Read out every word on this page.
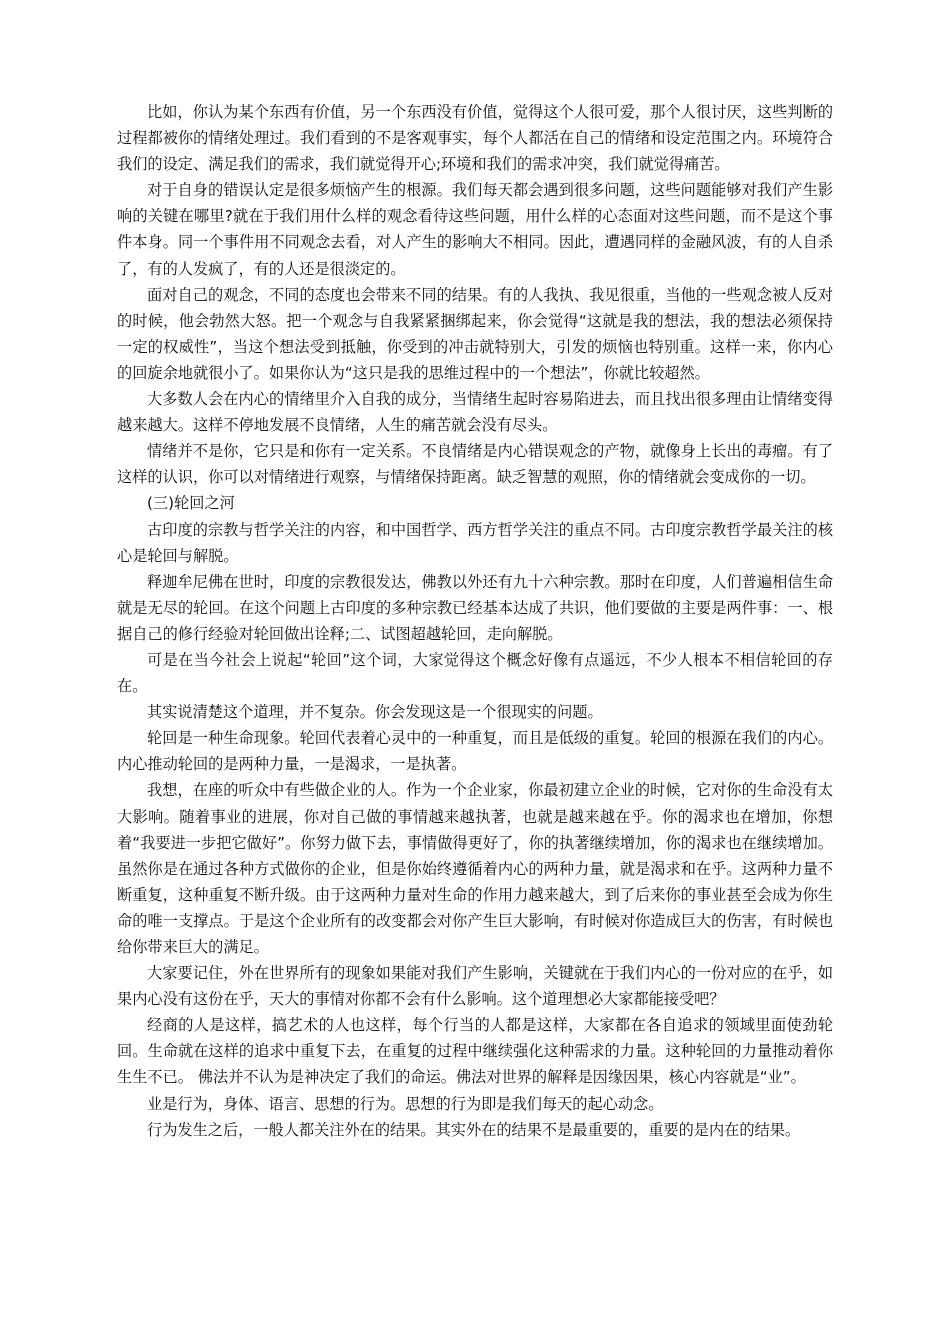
比如，你认为某个东西有价值，另一个东西没有价值，觉得这个人很可爱，那个人很讨厌，这些判断的过程都被你的情绪处理过。我们看到的不是客观事实，每个人都活在自己的情绪和设定范围之内。环境符合我们的设定、满足我们的需求，我们就觉得开心;环境和我们的需求冲突，我们就觉得痛苦。

对于自身的错误认定是很多烦恼产生的根源。我们每天都会遇到很多问题，这些问题能够对我们产生影响的关键在哪里?就在于我们用什么样的观念看待这些问题，用什么样的心态面对这些问题，而不是这个事件本身。同一个事件用不同观念去看，对人产生的影响大不相同。因此，遭遇同样的金融风波，有的人自杀了，有的人发疯了，有的人还是很淡定的。

面对自己的观念，不同的态度也会带来不同的结果。有的人我执、我见很重，当他的一些观念被人反对的时候，他会勃然大怒。把一个观念与自我紧紧捆绑起来，你会觉得“这就是我的想法，我的想法必须保持一定的权威性”，当这个想法受到抵触，你受到的冲击就特别大，引发的烦恼也特别重。这样一来，你内心的回旋余地就很小了。如果你认为“这只是我的思维过程中的一个想法”，你就比较超然。

大多数人会在内心的情绪里介入自我的成分，当情绪生起时容易陷进去，而且找出很多理由让情绪变得越来越大。这样不停地发展不良情绪，人生的痛苦就会没有尽头。

情绪并不是你，它只是和你有一定关系。不良情绪是内心错误观念的产物，就像身上长出的毒瘤。有了这样的认识，你可以对情绪进行观察，与情绪保持距离。缺乏智慧的观照，你的情绪就会变成你的一切。

(三)轮回之河

古印度的宗教与哲学关注的内容，和中国哲学、西方哲学关注的重点不同。古印度宗教哲学最关注的核心是轮回与解脱。

释迦牟尼佛在世时，印度的宗教很发达，佛教以外还有九十六种宗教。那时在印度，人们普遍相信生命就是无尽的轮回。在这个问题上古印度的多种宗教已经基本达成了共识，他们要做的主要是两件事：一、根据自己的修行经验对轮回做出诠释;二、试图超越轮回，走向解脱。

可是在当今社会上说起“轮回”这个词，大家觉得这个概念好像有点遥远，不少人根本不相信轮回的存在。

其实说清楚这个道理，并不复杂。你会发现这是一个很现实的问题。

轮回是一种生命现象。轮回代表着心灵中的一种重复，而且是低级的重复。轮回的根源在我们的内心。内心推动轮回的是两种力量，一是渴求，一是执著。

我想，在座的听众中有些做企业的人。作为一个企业家，你最初建立企业的时候，它对你的生命没有太大影响。随着事业的进展，你对自己做的事情越来越执著，也就是越来越在乎。你的渴求也在增加，你想着“我要进一步把它做好”。你努力做下去，事情做得更好了，你的执著继续增加，你的渴求也在继续增加。虽然你是在通过各种方式做你的企业，但是你始终遵循着内心的两种力量，就是渴求和在乎。这两种力量不断重复，这种重复不断升级。由于这两种力量对生命的作用力越来越大，到了后来你的事业甚至会成为你生命的唯一支撑点。于是这个企业所有的改变都会对你产生巨大影响，有时候对你造成巨大的伤害，有时候也给你带来巨大的满足。

大家要记住，外在世界所有的现象如果能对我们产生影响，关键就在于我们内心的一份对应的在乎，如果内心没有这份在乎，天大的事情对你都不会有什么影响。这个道理想必大家都能接受吧？

经商的人是这样，搞艺术的人也这样，每个行当的人都是这样，大家都在各自追求的领域里面使劲轮回。生命就在这样的追求中重复下去，在重复的过程中继续强化这种需求的力量。这种轮回的力量推动着你生生不已。 佛法并不认为是神决定了我们的命运。佛法对世界的解释是因缘因果，核心内容就是“业”。

业是行为，身体、语言、思想的行为。思想的行为即是我们每天的起心动念。

行为发生之后，一般人都关注外在的结果。其实外在的结果不是最重要的，重要的是内在的结果。
